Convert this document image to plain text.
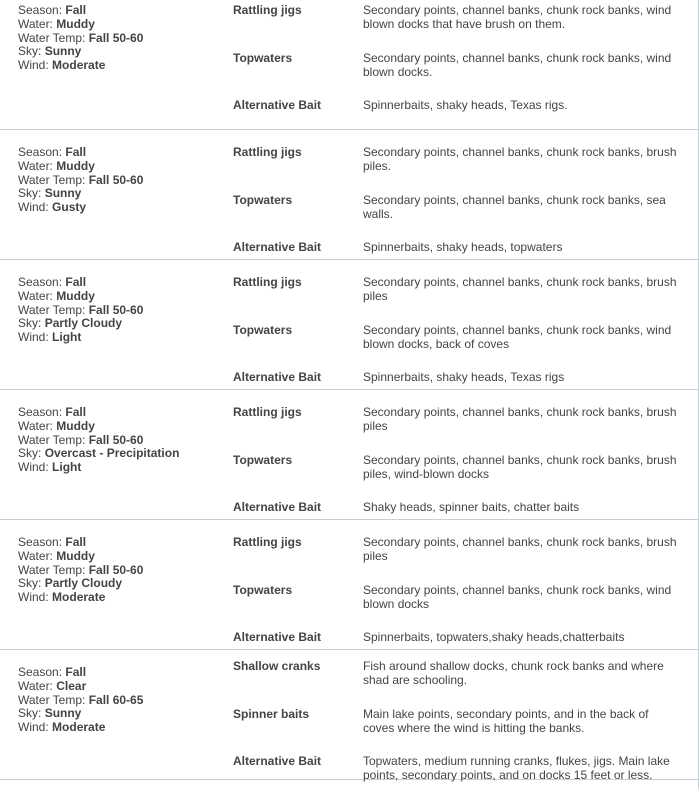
Season: Fall
Water: Muddy
Water Temp: Fall 50-60
Sky: Sunny
Wind: Moderate
Rattling jigs	Secondary points, channel banks, chunk rock banks, wind blown docks that have brush on them.
Topwaters	Secondary points, channel banks, chunk rock banks, wind blown docks.
Alternative Bait	Spinnerbaits, shaky heads, Texas rigs.
Season: Fall
Water: Muddy
Water Temp: Fall 50-60
Sky: Sunny
Wind: Gusty
Rattling jigs	Secondary points, channel banks, chunk rock banks, brush piles.
Topwaters	Secondary points, channel banks, chunk rock banks, sea walls.
Alternative Bait	Spinnerbaits, shaky heads, topwaters
Season: Fall
Water: Muddy
Water Temp: Fall 50-60
Sky: Partly Cloudy
Wind: Light
Rattling jigs	Secondary points, channel banks, chunk rock banks, brush piles
Topwaters	Secondary points, channel banks, chunk rock banks, wind blown docks, back of coves
Alternative Bait	Spinnerbaits, shaky heads, Texas rigs
Season: Fall
Water: Muddy
Water Temp: Fall 50-60
Sky: Overcast - Precipitation
Wind: Light
Rattling jigs	Secondary points, channel banks, chunk rock banks, brush piles
Topwaters	Secondary points, channel banks, chunk rock banks, brush piles, wind-blown docks
Alternative Bait	Shaky heads, spinner baits, chatter baits
Season: Fall
Water: Muddy
Water Temp: Fall 50-60
Sky: Partly Cloudy
Wind: Moderate
Rattling jigs	Secondary points, channel banks, chunk rock banks, brush piles
Topwaters	Secondary points, channel banks, chunk rock banks, wind blown docks
Alternative Bait	Spinnerbaits, topwaters,shaky heads,chatterbaits
Season: Fall
Water: Clear
Water Temp: Fall 60-65
Sky: Sunny
Wind: Moderate
Shallow cranks	Fish around shallow docks, chunk rock banks and where shad are schooling.
Spinner baits	Main lake points, secondary points, and in the back of coves where the wind is hitting the banks.
Alternative Bait	Topwaters, medium running cranks, flukes, jigs. Main lake points, secondary points, and on docks 15 feet or less.
